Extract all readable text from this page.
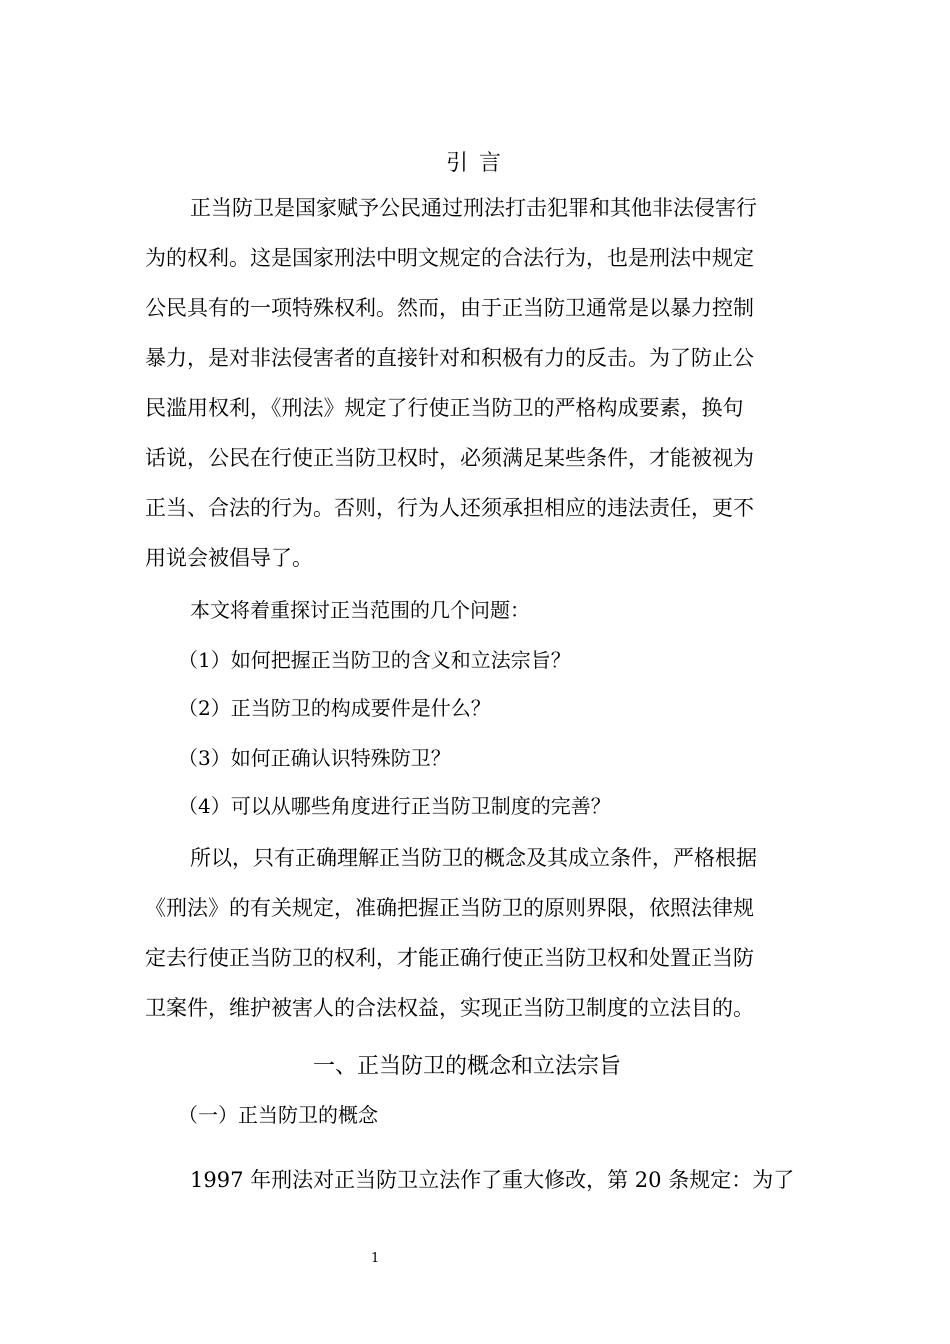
引 言
正当防卫是国家赋予公民通过刑法打击犯罪和其他非法侵害行
为的权利。这是国家刑法中明文规定的合法行为，也是刑法中规定
公民具有的一项特殊权利。然而，由于正当防卫通常是以暴力控制
暴力，是对非法侵害者的直接针对和积极有力的反击。为了防止公
民滥用权利，《刑法》规定了行使正当防卫的严格构成要素，换句
话说，公民在行使正当防卫权时，必须满足某些条件，才能被视为
正当、合法的行为。否则，行为人还须承担相应的违法责任，更不
用说会被倡导了。
本文将着重探讨正当范围的几个问题：
（1）如何把握正当防卫的含义和立法宗旨？
（2）正当防卫的构成要件是什么？
（3）如何正确认识特殊防卫？
（4）可以从哪些角度进行正当防卫制度的完善？
所以，只有正确理解正当防卫的概念及其成立条件，严格根据
《刑法》的有关规定，准确把握正当防卫的原则界限，依照法律规
定去行使正当防卫的权利，才能正确行使正当防卫权和处置正当防
卫案件，维护被害人的合法权益，实现正当防卫制度的立法目的。
一、正当防卫的概念和立法宗旨
（一）正当防卫的概念
1997 年刑法对正当防卫立法作了重大修改，第 20 条规定：为了
1
